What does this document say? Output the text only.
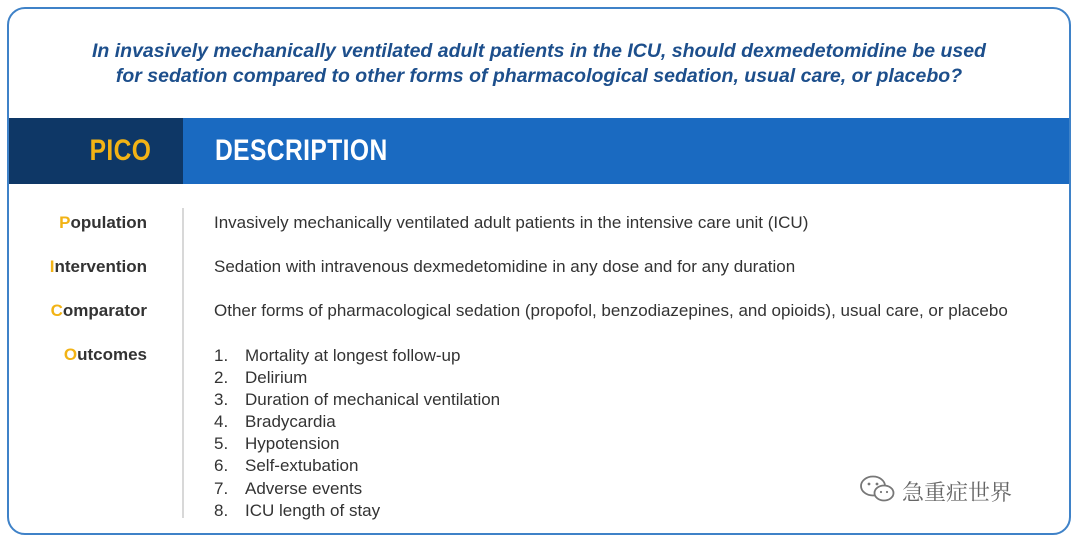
In invasively mechanically ventilated adult patients in the ICU, should dexmedetomidine be used
for sedation compared to other forms of pharmacological sedation, usual care, or placebo?
PICO DESCRIPTION
Population	Invasively mechanically ventilated adult patients in the intensive care unit (ICU)
Intervention	Sedation with intravenous dexmedetomidine in any dose and for any duration
Comparator	Other forms of pharmacological sedation (propofol, benzodiazepines, and opioids), usual care, or placebo
Outcomes	1. Mortality at longest follow-up
2. Delirium
3. Duration of mechanical ventilation
4. Bradycardia
5. Hypotension
6. Self-extubation
7. Adverse events
8. ICU length of stay
急重症世界
